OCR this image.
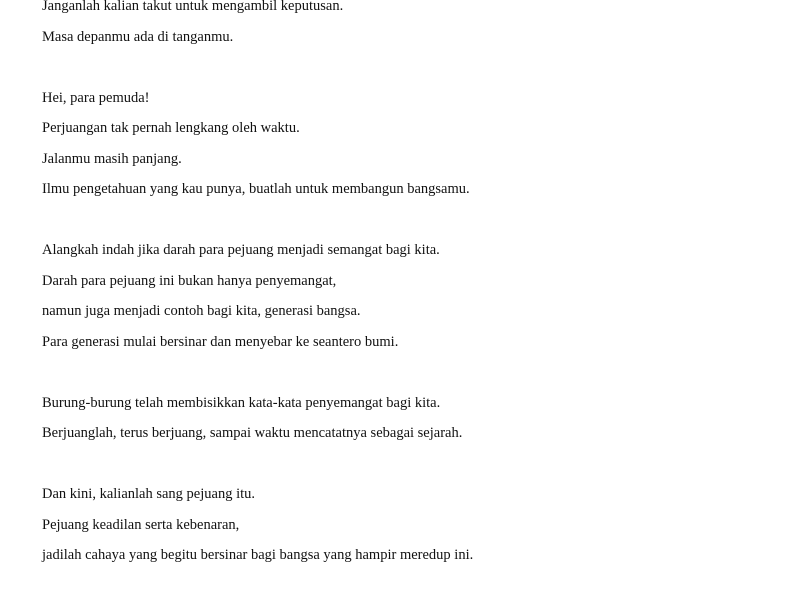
Janganlah kalian takut untuk mengambil keputusan.
Masa depanmu ada di tanganmu.
Hei, para pemuda!
Perjuangan tak pernah lengkang oleh waktu.
Jalanmu masih panjang.
Ilmu pengetahuan yang kau punya, buatlah untuk membangun bangsamu.
Alangkah indah jika darah para pejuang menjadi semangat bagi kita.
Darah para pejuang ini bukan hanya penyemangat,
namun juga menjadi contoh bagi kita, generasi bangsa.
Para generasi mulai bersinar dan menyebar ke seantero bumi.
Burung-burung telah membisikkan kata-kata penyemangat bagi kita.
Berjuanglah, terus berjuang, sampai waktu mencatatnya sebagai sejarah.
Dan kini, kalianlah sang pejuang itu.
Pejuang keadilan serta kebenaran,
jadilah cahaya yang begitu bersinar bagi bangsa yang hampir meredup ini.
